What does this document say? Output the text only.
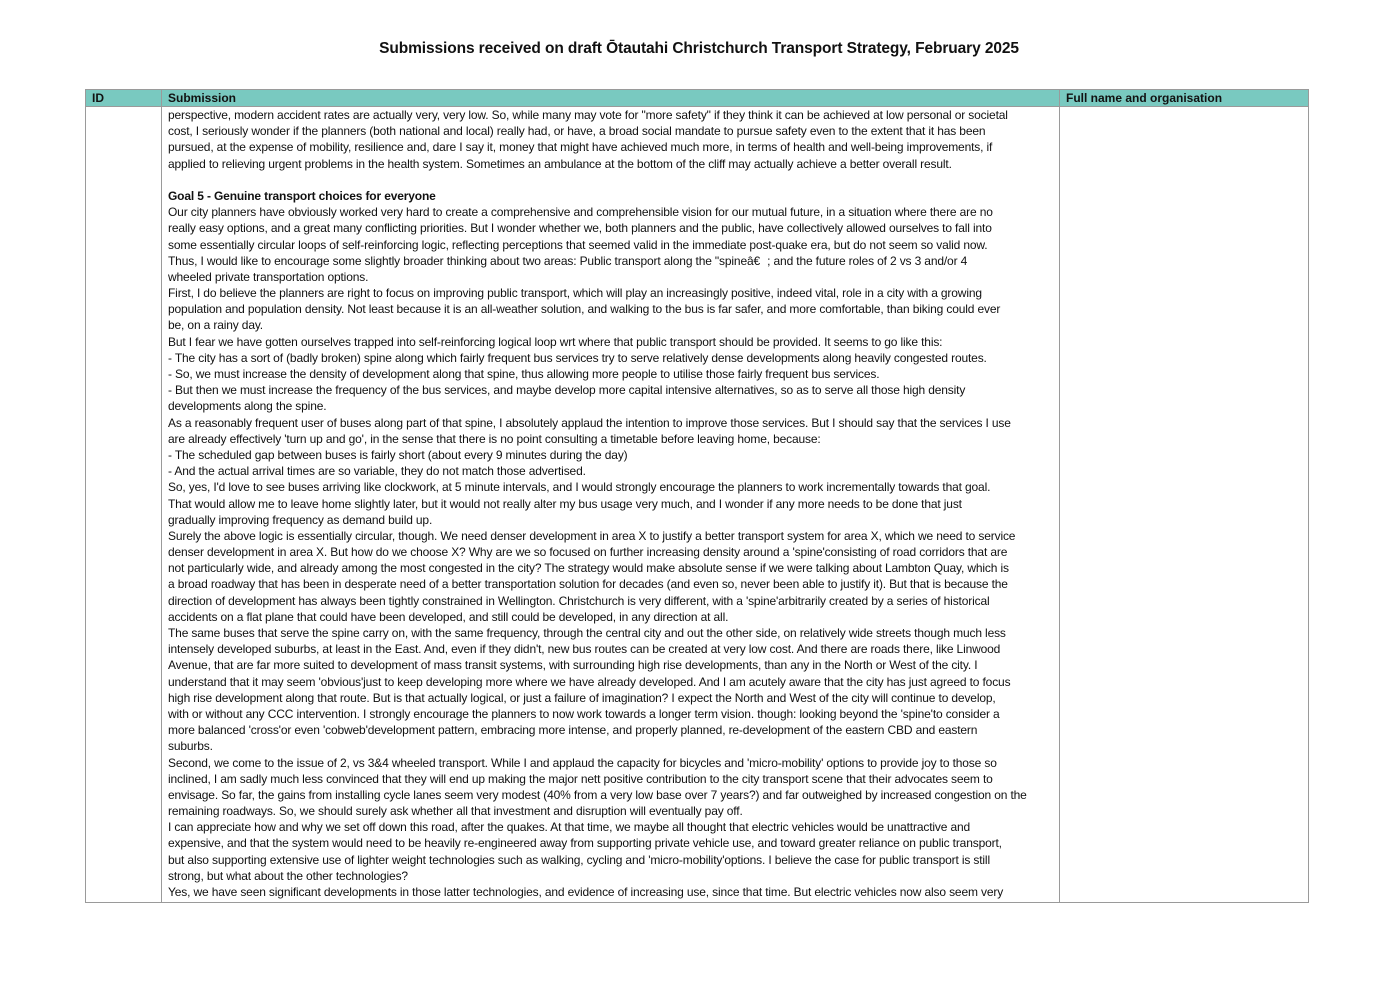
Submissions received on draft Ōtautahi Christchurch Transport Strategy, February 2025
ID	Submission	Full name and organisation
perspective, modern accident rates are actually very, very low. So, while many may vote for "more safety" if they think it can be achieved at low personal or societal
cost, I seriously wonder if the planners (both national and local) really had, or have, a broad social mandate to pursue safety even to the extent that it has been
pursued, at the expense of mobility, resilience and, dare I say it, money that might have achieved much more, in terms of health and well-being improvements, if
applied to relieving urgent problems in the health system. Sometimes an ambulance at the bottom of the cliff may actually achieve a better overall result.
Goal 5 - Genuine transport choices for everyone
Our city planners have obviously worked very hard to create a comprehensive and comprehensible vision for our mutual future, in a situation where there are no
really easy options, and a great many conflicting priorities. But I wonder whether we, both planners and the public, have collectively allowed ourselves to fall into
some essentially circular loops of self-reinforcing logic, reflecting perceptions that seemed valid in the immediate post-quake era, but do not seem so valid now.
Thus, I would like to encourage some slightly broader thinking about two areas: Public transport along the "spineâ€; and the future roles of 2 vs 3 and/or 4
wheeled private transportation options.
First, I do believe the planners are right to focus on improving public transport, which will play an increasingly positive, indeed vital, role in a city with a growing
population and population density. Not least because it is an all-weather solution, and walking to the bus is far safer, and more comfortable, than biking could ever
be, on a rainy day.
But I fear we have gotten ourselves trapped into self-reinforcing logical loop wrt where that public transport should be provided. It seems to go like this:
- The city has a sort of (badly broken) spine along which fairly frequent bus services try to serve relatively dense developments along heavily congested routes.
- So, we must increase the density of development along that spine, thus allowing more people to utilise those fairly frequent bus services.
- But then we must increase the frequency of the bus services, and maybe develop more capital intensive alternatives, so as to serve all those high density
developments along the spine.
As a reasonably frequent user of buses along part of that spine, I absolutely applaud the intention to improve those services. But I should say that the services I use
are already effectively 'turn up and go', in the sense that there is no point consulting a timetable before leaving home, because:
- The scheduled gap between buses is fairly short (about every 9 minutes during the day)
- And the actual arrival times are so variable, they do not match those advertised.
So, yes, I'd love to see buses arriving like clockwork, at 5 minute intervals, and I would strongly encourage the planners to work incrementally towards that goal.
That would allow me to leave home slightly later, but it would not really alter my bus usage very much, and I wonder if any more needs to be done that just
gradually improving frequency as demand build up.
Surely the above logic is essentially circular, though. We need denser development in area X to justify a better transport system for area X, which we need to service
denser development in area X. But how do we choose X? Why are we so focused on further increasing density around a 'spine'consisting of road corridors that are
not particularly wide, and already among the most congested in the city? The strategy would make absolute sense if we were talking about Lambton Quay, which is
a broad roadway that has been in desperate need of a better transportation solution for decades (and even so, never been able to justify it). But that is because the
direction of development has always been tightly constrained in Wellington. Christchurch is very different, with a 'spine'arbitrarily created by a series of historical
accidents on a flat plane that could have been developed, and still could be developed, in any direction at all.
The same buses that serve the spine carry on, with the same frequency, through the central city and out the other side, on relatively wide streets though much less
intensely developed suburbs, at least in the East. And, even if they didn't, new bus routes can be created at very low cost. And there are roads there, like Linwood
Avenue, that are far more suited to development of mass transit systems, with surrounding high rise developments, than any in the North or West of the city. I
understand that it may seem 'obvious'just to keep developing more where we have already developed. And I am acutely aware that the city has just agreed to focus
high rise development along that route. But is that actually logical, or just a failure of imagination? I expect the North and West of the city will continue to develop,
with or without any CCC intervention. I strongly encourage the planners to now work towards a longer term vision. though: looking beyond the 'spine'to consider a
more balanced 'cross'or even 'cobweb'development pattern, embracing more intense, and properly planned, re-development of the eastern CBD and eastern
suburbs.
Second, we come to the issue of 2, vs 3&4 wheeled transport. While I and applaud the capacity for bicycles and 'micro-mobility' options to provide joy to those so
inclined, I am sadly much less convinced that they will end up making the major nett positive contribution to the city transport scene that their advocates seem to
envisage. So far, the gains from installing cycle lanes seem very modest (40% from a very low base over 7 years?) and far outweighed by increased congestion on the
remaining roadways. So, we should surely ask whether all that investment and disruption will eventually pay off.
I can appreciate how and why we set off down this road, after the quakes. At that time, we maybe all thought that electric vehicles would be unattractive and
expensive, and that the system would need to be heavily re-engineered away from supporting private vehicle use, and toward greater reliance on public transport,
but also supporting extensive use of lighter weight technologies such as walking, cycling and 'micro-mobility'options. I believe the case for public transport is still
strong, but what about the other technologies?
Yes, we have seen significant developments in those latter technologies, and evidence of increasing use, since that time. But electric vehicles now also seem very
